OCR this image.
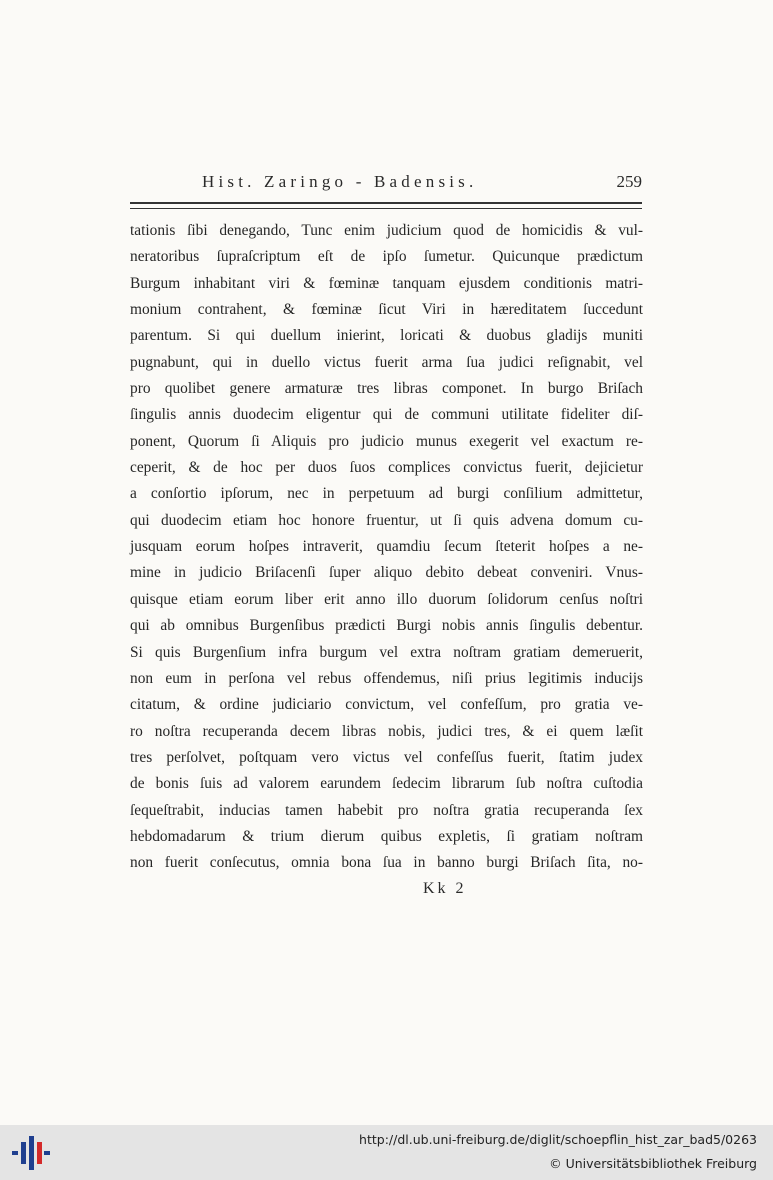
Hist. Zaringo - Badensis.	259
tationis ſibi denegando, Tunc enim judicium quod de homicidis & vul-
neratoribus ſupraſcriptum eſt de ipſo ſumetur. Quicunque prædictum
Burgum inhabitant viri & fœminæ tanquam ejusdem conditionis matri-
monium contrahent, & fœminæ ſicut Viri in hæreditatem ſuccedunt
parentum. Si qui duellum inierint, loricati & duobus gladijs muniti
pugnabunt, qui in duello victus fuerit arma ſua judici reſignabit, vel
pro quolibet genere armaturæ tres libras componet. In burgo Briſach
ſingulis annis duodecim eligentur qui de communi utilitate fideliter diſ-
ponent, Quorum ſi Aliquis pro judicio munus exegerit vel exactum re-
ceperit, & de hoc per duos ſuos complices convictus fuerit, dejicietur
a conſortio ipſorum, nec in perpetuum ad burgi conſilium admittetur,
qui duodecim etiam hoc honore fruentur, ut ſi quis advena domum cu-
jusquam eorum hoſpes intraverit, quamdiu ſecum ſteterit hoſpes a ne-
mine in judicio Briſacenſi ſuper aliquo debito debeat conveniri. Vnus-
quisque etiam eorum liber erit anno illo duorum ſolidorum cenſus noſtri
qui ab omnibus Burgenſibus prædicti Burgi nobis annis ſingulis debentur.
Si quis Burgenſium infra burgum vel extra noſtram gratiam demeruerit,
non eum in perſona vel rebus offendemus, niſi prius legitimis inducijs
citatum, & ordine judiciario convictum, vel confeſſum, pro gratia ve-
ro noſtra recuperanda decem libras nobis, judici tres, & ei quem læſit
tres perſolvet, poſtquam vero victus vel confeſſus fuerit, ſtatim judex
de bonis ſuis ad valorem earundem ſedecim librarum ſub noſtra cuſtodia
ſequeſtrabit, inducias tamen habebit pro noſtra gratia recuperanda ſex
hebdomadarum & trium dierum quibus expletis, ſi gratiam noſtram
non fuerit conſecutus, omnia bona ſua in banno burgi Briſach ſita, no-
Kk 2
http://dl.ub.uni-freiburg.de/diglit/schoepflin_hist_zar_bad5/0263
© Universitätsbibliothek Freiburg
